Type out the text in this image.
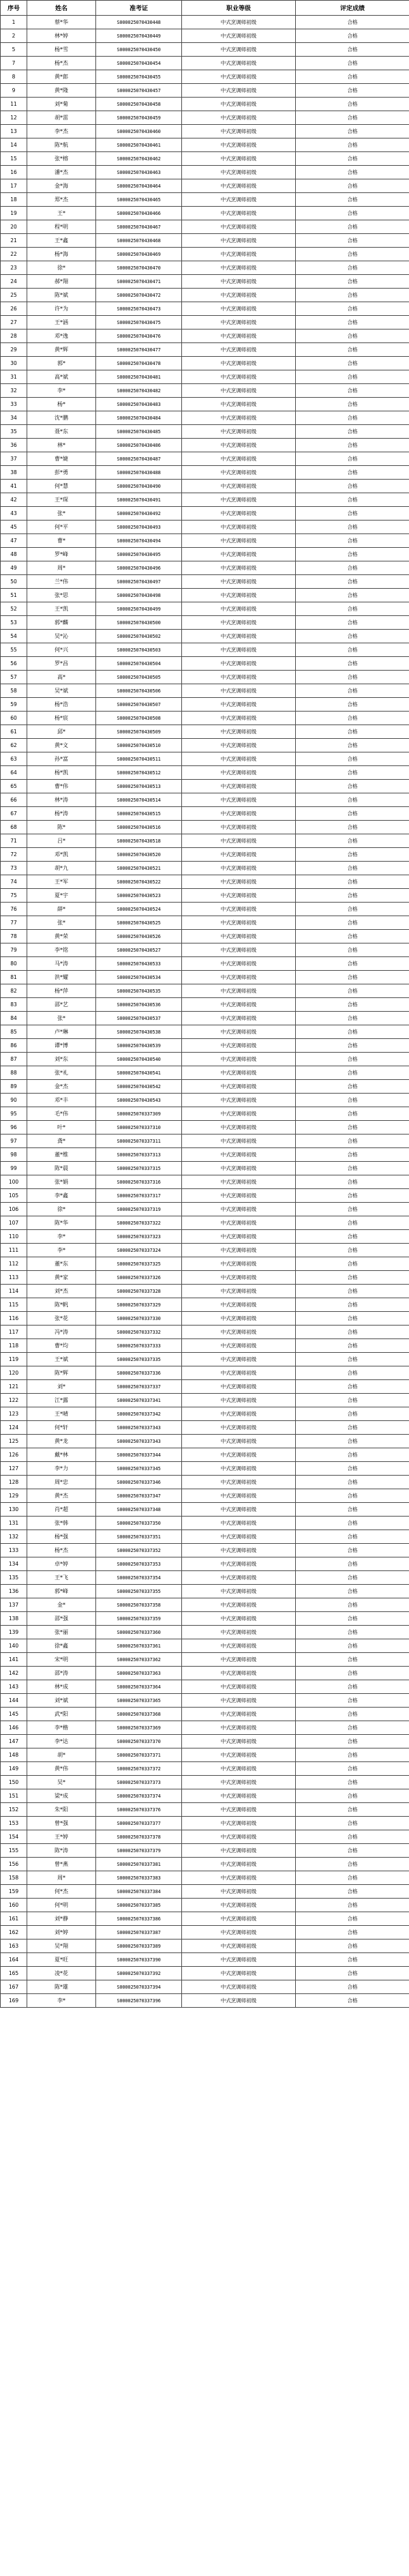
序号	姓名	准考证	职业等级	评定成绩
1	蔡*华	S000025070430448	中式烹调师初级	合格
2	林*婷	S000025070430449	中式烹调师初级	合格
5	杨*雪	S000025070430450	中式烹调师初级	合格
7	杨*杰	S000025070430454	中式烹调师初级	合格
8	黄*郎	S000025070430455	中式烹调师初级	合格
9	黄*隆	S000025070430457	中式烹调师初级	合格
11	刘*菊	S000025070430458	中式烹调师初级	合格
12	胡*雷	S000025070430459	中式烹调师初级	合格
13	李*杰	S000025070430460	中式烹调师初级	合格
14	陈*航	S000025070430461	中式烹调师初级	合格
15	张*榕	S000025070430462	中式烹调师初级	合格
16	潘*杰	S000025070430463	中式烹调师初级	合格
17	金*海	S000025070430464	中式烹调师初级	合格
18	郑*杰	S000025070430465	中式烹调师初级	合格
19	王*	S000025070430466	中式烹调师初级	合格
20	程*明	S000025070430467	中式烹调师初级	合格
21	王*鑫	S000025070430468	中式烹调师初级	合格
22	杨*海	S000025070430469	中式烹调师初级	合格
23	徐*	S000025070430470	中式烹调师初级	合格
24	郝*翔	S000025070430471	中式烹调师初级	合格
25	陈*斌	S000025070430472	中式烹调师初级	合格
26	许*为	S000025070430473	中式烹调师初级	合格
27	王*涵	S000025070430475	中式烹调师初级	合格
28	邓*逸	S000025070430476	中式烹调师初级	合格
29	黄*辉	S000025070430477	中式烹调师初级	合格
30	郭*	S000025070430478	中式烹调师初级	合格
31	高*斌	S000025070430481	中式烹调师初级	合格
32	李*	S000025070430482	中式烹调师初级	合格
33	杨*	S000025070430483	中式烹调师初级	合格
34	沈*鹏	S000025070430484	中式烹调师初级	合格
35	聂*东	S000025070430485	中式烹调师初级	合格
36	林*	S000025070430486	中式烹调师初级	合格
37	曹*婕	S000025070430487	中式烹调师初级	合格
38	彭*勇	S000025070430488	中式烹调师初级	合格
41	何*慧	S000025070430490	中式烹调师初级	合格
42	王*琛	S000025070430491	中式烹调师初级	合格
43	张*	S000025070430492	中式烹调师初级	合格
45	何*平	S000025070430493	中式烹调师初级	合格
47	曹*	S000025070430494	中式烹调师初级	合格
48	罗*峰	S000025070430495	中式烹调师初级	合格
49	周*	S000025070430496	中式烹调师初级	合格
50	兰*伟	S000025070430497	中式烹调师初级	合格
51	张*思	S000025070430498	中式烹调师初级	合格
52	王*凯	S000025070430499	中式烹调师初级	合格
53	郭*麟	S000025070430500	中式烹调师初级	合格
54	吴*沁	S000025070430502	中式烹调师初级	合格
55	何*兴	S000025070430503	中式烹调师初级	合格
56	罗*昌	S000025070430504	中式烹调师初级	合格
57	高*	S000025070430505	中式烹调师初级	合格
58	吴*斌	S000025070430506	中式烹调师初级	合格
59	杨*浩	S000025070430507	中式烹调师初级	合格
60	杨*宸	S000025070430508	中式烹调师初级	合格
61	邱*	S000025070430509	中式烹调师初级	合格
62	黄*文	S000025070430510	中式烹调师初级	合格
63	孙*富	S000025070430511	中式烹调师初级	合格
64	杨*凯	S000025070430512	中式烹调师初级	合格
65	曹*伟	S000025070430513	中式烹调师初级	合格
66	林*涛	S000025070430514	中式烹调师初级	合格
67	杨*涛	S000025070430515	中式烹调师初级	合格
68	陈*	S000025070430516	中式烹调师初级	合格
71	吕*	S000025070430518	中式烹调师初级	合格
72	邓*凯	S000025070430520	中式烹调师初级	合格
73	胡*九	S000025070430521	中式烹调师初级	合格
74	王*军	S000025070430522	中式烹调师初级	合格
75	夏*宇	S000025070430523	中式烹调师初级	合格
76	薛*	S000025070430524	中式烹调师初级	合格
77	张*	S000025070430525	中式烹调师初级	合格
78	黄*荣	S000025070430526	中式烹调师初级	合格
79	李*铭	S000025070430527	中式烹调师初级	合格
80	马*涛	S000025070430533	中式烹调师初级	合格
81	洪*耀	S000025070430534	中式烹调师初级	合格
82	杨*萍	S000025070430535	中式烹调师初级	合格
83	邵*艺	S000025070430536	中式烹调师初级	合格
84	张*	S000025070430537	中式烹调师初级	合格
85	卢*琳	S000025070430538	中式烹调师初级	合格
86	谭*博	S000025070430539	中式烹调师初级	合格
87	刘*东	S000025070430540	中式烹调师初级	合格
88	张*礼	S000025070430541	中式烹调师初级	合格
89	金*杰	S000025070430542	中式烹调师初级	合格
90	邓*丰	S000025070430543	中式烹调师初级	合格
95	毛*伟	S000025070337309	中式烹调师初级	合格
96	叶*	S000025070337310	中式烹调师初级	合格
97	龚*	S000025070337311	中式烹调师初级	合格
98	董*维	S000025070337313	中式烹调师初级	合格
99	陈*晨	S000025070337315	中式烹调师初级	合格
100	张*娟	S000025070337316	中式烹调师初级	合格
105	李*鑫	S000025070337317	中式烹调师初级	合格
106	徐*	S000025070337319	中式烹调师初级	合格
107	陈*华	S000025070337322	中式烹调师初级	合格
110	李*	S000025070337323	中式烹调师初级	合格
111	李*	S000025070337324	中式烹调师初级	合格
112	董*东	S000025070337325	中式烹调师初级	合格
113	黄*家	S000025070337326	中式烹调师初级	合格
114	刘*杰	S000025070337328	中式烹调师初级	合格
115	陈*帆	S000025070337329	中式烹调师初级	合格
116	张*花	S000025070337330	中式烹调师初级	合格
117	冯*涛	S000025070337332	中式烹调师初级	合格
118	曹*均	S000025070337333	中式烹调师初级	合格
119	王*斌	S000025070337335	中式烹调师初级	合格
120	陈*辉	S000025070337336	中式烹调师初级	合格
121	刘*	S000025070337337	中式烹调师初级	合格
122	江*露	S000025070337341	中式烹调师初级	合格
123	王*晴	S000025070337342	中式烹调师初级	合格
124	何*轩	S000025070337343	中式烹调师初级	合格
125	黄*龙	S000025070337343	中式烹调师初级	合格
126	戴*林	S000025070337344	中式烹调师初级	合格
127	李*力	S000025070337345	中式烹调师初级	合格
128	周*忠	S000025070337346	中式烹调师初级	合格
129	黄*杰	S000025070337347	中式烹调师初级	合格
130	肖*超	S000025070337348	中式烹调师初级	合格
131	张*韩	S000025070337350	中式烹调师初级	合格
132	杨*强	S000025070337351	中式烹调师初级	合格
133	杨*杰	S000025070337352	中式烹调师初级	合格
134	卓*婷	S000025070337353	中式烹调师初级	合格
135	王*飞	S000025070337354	中式烹调师初级	合格
136	郭*峰	S000025070337355	中式烹调师初级	合格
137	金*	S000025070337358	中式烹调师初级	合格
138	邵*强	S000025070337359	中式烹调师初级	合格
139	张*丽	S000025070337360	中式烹调师初级	合格
140	徐*鑫	S000025070337361	中式烹调师初级	合格
141	宋*明	S000025070337362	中式烹调师初级	合格
142	邵*涛	S000025070337363	中式烹调师初级	合格
143	林*成	S000025070337364	中式烹调师初级	合格
144	刘*斌	S000025070337365	中式烹调师初级	合格
145	武*阳	S000025070337368	中式烹调师初级	合格
146	李*楷	S000025070337369	中式烹调师初级	合格
147	李*达	S000025070337370	中式烹调师初级	合格
148	胡*	S000025070337371	中式烹调师初级	合格
149	黄*伟	S000025070337372	中式烹调师初级	合格
150	吴*	S000025070337373	中式烹调师初级	合格
151	梁*成	S000025070337374	中式烹调师初级	合格
152	朱*阳	S000025070337376	中式烹调师初级	合格
153	曾*强	S000025070337377	中式烹调师初级	合格
154	王*婷	S000025070337378	中式烹调师初级	合格
155	陈*涛	S000025070337379	中式烹调师初级	合格
156	曾*燕	S000025070337381	中式烹调师初级	合格
158	周*	S000025070337383	中式烹调师初级	合格
159	何*杰	S000025070337384	中式烹调师初级	合格
160	何*明	S000025070337385	中式烹调师初级	合格
161	刘*静	S000025070337386	中式烹调师初级	合格
162	刘*婷	S000025070337387	中式烹调师初级	合格
163	吴*翔	S000025070337389	中式烹调师初级	合格
164	夏*旺	S000025070337390	中式烹调师初级	合格
165	凌*花	S000025070337392	中式烹调师初级	合格
167	陈*雄	S000025070337394	中式烹调师初级	合格
169	李*	S000025070337396	中式烹调师初级	合格
